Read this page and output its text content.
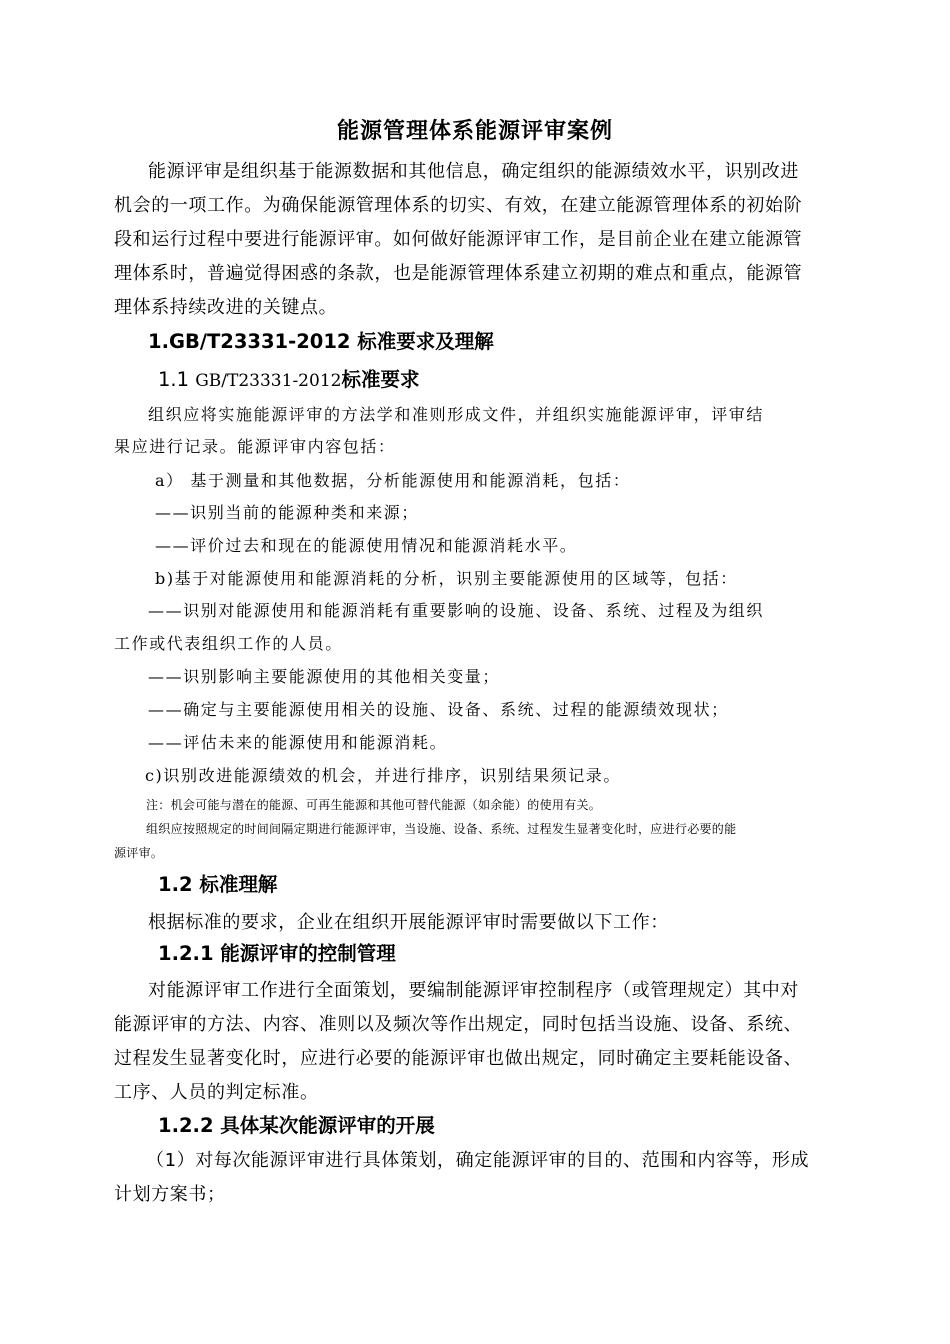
能源管理体系能源评审案例
能源评审是组织基于能源数据和其他信息，确定组织的能源绩效水平，识别改进
机会的一项工作。为确保能源管理体系的切实、有效，在建立能源管理体系的初始阶
段和运行过程中要进行能源评审。如何做好能源评审工作，是目前企业在建立能源管
理体系时，普遍觉得困惑的条款，也是能源管理体系建立初期的难点和重点，能源管
理体系持续改进的关键点。
1.GB/T23331-2012 标准要求及理解
1.1 GB/T23331-2012标准要求
组织应将实施能源评审的方法学和准则形成文件，并组织实施能源评审，评审结
果应进行记录。能源评审内容包括：
a） 基于测量和其他数据，分析能源使用和能源消耗，包括：
——识别当前的能源种类和来源；
——评价过去和现在的能源使用情况和能源消耗水平。
b)基于对能源使用和能源消耗的分析，识别主要能源使用的区域等，包括：
——识别对能源使用和能源消耗有重要影响的设施、设备、系统、过程及为组织
工作或代表组织工作的人员。
——识别影响主要能源使用的其他相关变量；
——确定与主要能源使用相关的设施、设备、系统、过程的能源绩效现状；
——评估未来的能源使用和能源消耗。
c)识别改进能源绩效的机会，并进行排序，识别结果须记录。
注：机会可能与潜在的能源、可再生能源和其他可替代能源（如余能）的使用有关。
组织应按照规定的时间间隔定期进行能源评审，当设施、设备、系统、过程发生显著变化时，应进行必要的能
源评审。
1.2 标准理解
根据标准的要求，企业在组织开展能源评审时需要做以下工作：
1.2.1 能源评审的控制管理
对能源评审工作进行全面策划，要编制能源评审控制程序（或管理规定）其中对
能源评审的方法、内容、准则以及频次等作出规定，同时包括当设施、设备、系统、
过程发生显著变化时，应进行必要的能源评审也做出规定，同时确定主要耗能设备、
工序、人员的判定标准。
1.2.2 具体某次能源评审的开展
（1）对每次能源评审进行具体策划，确定能源评审的目的、范围和内容等，形成
计划方案书；
